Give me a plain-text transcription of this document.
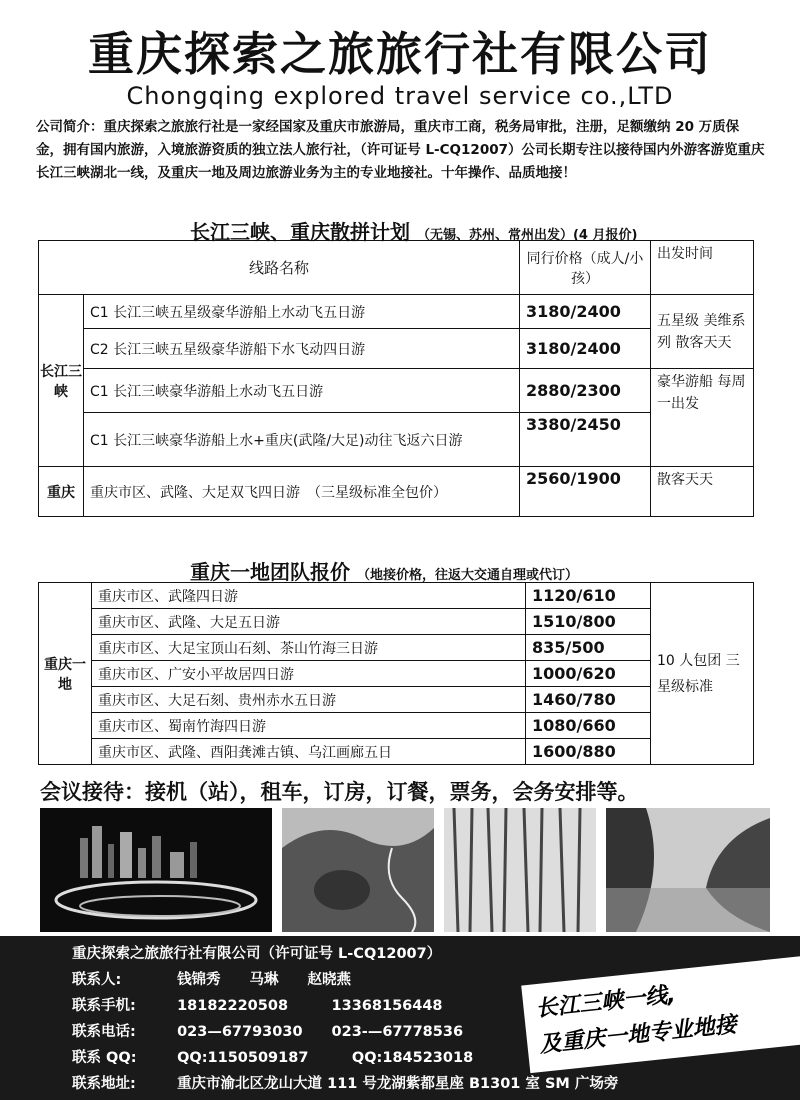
重庆探索之旅旅行社有限公司
Chongqing explored travel service co.,LTD
公司简介：重庆探索之旅旅行社是一家经国家及重庆市旅游局，重庆市工商，税务局审批，注册，足额缴纳 20 万质保金，拥有国内旅游，入境旅游资质的独立法人旅行社，（许可证号 L-CQ12007）公司长期专注以接待国内外游客游览重庆长江三峡湖北一线，及重庆一地及周边旅游业务为主的专业地接社。十年操作、品质地接！
长江三峡、重庆散拼计划 （无锡、苏州、常州出发）(4 月报价)
线路名称		同行价格（成人/小孩）	出发时间
长江三峡	C1 长江三峡五星级豪华游船上水动飞五日游	3180/2400	五星级 美维系列 散客天天
	C2 长江三峡五星级豪华游船下水飞动四日游	3180/2400	
	C1 长江三峡豪华游船上水动飞五日游	2880/2300	豪华游船 每周一出发
	C1 长江三峡豪华游船上水+重庆(武隆/大足)动往飞返六日游	3380/2450	
重庆	重庆市区、武隆、大足双飞四日游　（三星级标准全包价）	2560/1900	散客天天
重庆一地团队报价 （地接价格，往返大交通自理或代订）
重庆一地	重庆市区、武隆四日游	1120/610	10 人包团 三星级标准
	重庆市区、武隆、大足五日游	1510/800	
	重庆市区、大足宝顶山石刻、茶山竹海三日游	835/500	
	重庆市区、广安小平故居四日游	1000/620	
	重庆市区、大足石刻、贵州赤水五日游	1460/780	
	重庆市区、蜀南竹海四日游	1080/660	
	重庆市区、武隆、酉阳龚滩古镇、乌江画廊五日	1600/880	
会议接待：接机（站），租车，订房，订餐，票务，会务安排等。
重庆探索之旅旅行社有限公司（许可证号 L-CQ12007）
联系人:	钱锦秀　　马琳　　赵晓燕
联系手机:	18182220508　　　13368156448
联系电话:	023—67793030　　023-—67778536
联系 QQ:	QQ:1150509187　　　QQ:184523018
联系地址:	重庆市渝北区龙山大道 111 号龙湖紫都星座 B1301 室 SM 广场旁
长江三峡一线,
及重庆一地专业地接
